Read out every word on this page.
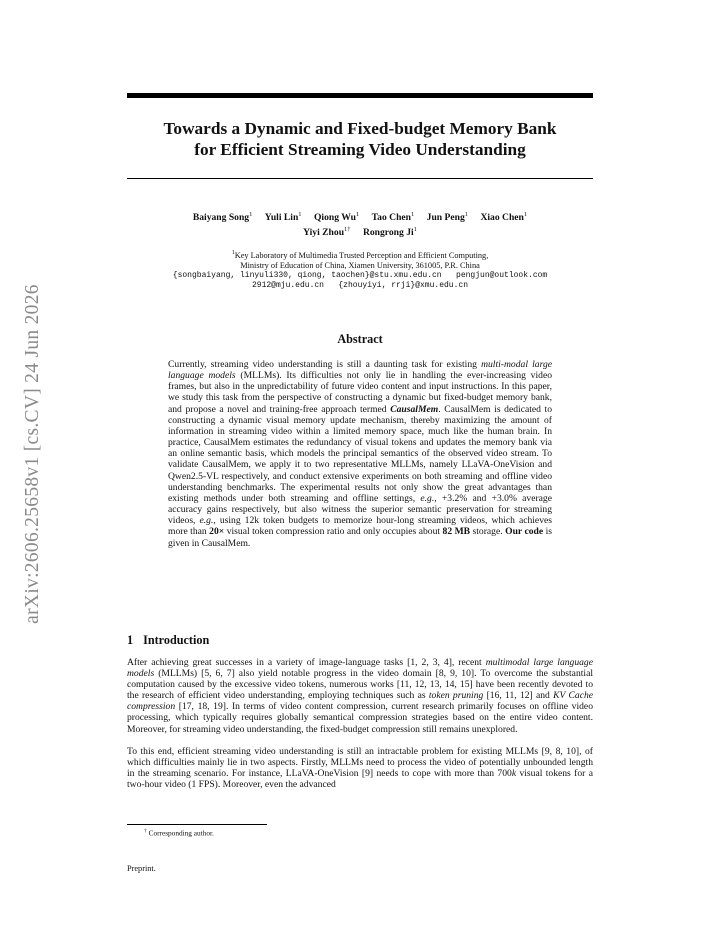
arXiv:2606.25658v1 [cs.CV] 24 Jun 2026
Towards a Dynamic and Fixed-budget Memory Bank
for Efficient Streaming Video Understanding
Baiyang Song$^1$ Yuli Lin$^1$ Qiong Wu$^1$ Tao Chen$^1$ Jun Peng$^1$ Xiao Chen$^1$
Yiyi Zhou$^{1\dagger}$ Rongrong Ji$^1$
$^1$Key Laboratory of Multimedia Trusted Perception and Efficient Computing,
Ministry of Education of China, Xiamen University, 361005, P.R. China
{songbaiyang, linyuli330, qiong, taochen}@stu.xmu.edu.cn   pengjun@outlook.com
2912@mju.edu.cn   {zhouyiyi, rrji}@xmu.edu.cn
Abstract

Currently, streaming video understanding is still a daunting task for existing multi-modal large language models (MLLMs). Its difficulties not only lie in handling the ever-increasing video frames, but also in the unpredictability of future video content and input instructions. In this paper, we study this task from the perspective of constructing a dynamic but fixed-budget memory bank, and propose a novel and training-free approach termed CausalMem. CausalMem is dedicated to constructing a dynamic visual memory update mechanism, thereby maximizing the amount of information in streaming video within a limited memory space, much like the human brain. In practice, CausalMem estimates the redundancy of visual tokens and updates the memory bank via an online semantic basis, which models the principal semantics of the observed video stream. To validate CausalMem, we apply it to two representative MLLMs, namely LLaVA-OneVision and Qwen2.5-VL respectively, and conduct extensive experiments on both streaming and offline video understanding benchmarks. The experimental results not only show the great advantages than existing methods under both streaming and offline settings, e.g., +3.2% and +3.0% average accuracy gains respectively, but also witness the superior semantic preservation for streaming videos, e.g., using 12k token budgets to memorize hour-long streaming videos, which achieves more than 20× visual token compression ratio and only occupies about 82 MB storage. Our code is given in CausalMem.

1 Introduction

After achieving great successes in a variety of image-language tasks [1, 2, 3, 4], recent multimodal large language models (MLLMs) [5, 6, 7] also yield notable progress in the video domain [8, 9, 10]. To overcome the substantial computation caused by the excessive video tokens, numerous works [11, 12, 13, 14, 15] have been recently devoted to the research of efficient video understanding, employing techniques such as token pruning [16, 11, 12] and KV Cache compression [17, 18, 19]. In terms of video content compression, current research primarily focuses on offline video processing, which typically requires globally semantical compression strategies based on the entire video content. Moreover, for streaming video understanding, the fixed-budget compression still remains unexplored.

To this end, efficient streaming video understanding is still an intractable problem for existing MLLMs [9, 8, 10], of which difficulties mainly lie in two aspects. Firstly, MLLMs need to process the video of potentially unbounded length in the streaming scenario. For instance, LLaVA-OneVision [9] needs to cope with more than 700k visual tokens for a two-hour video (1 FPS). Moreover, even the advanced

† Corresponding author.
Preprint.
